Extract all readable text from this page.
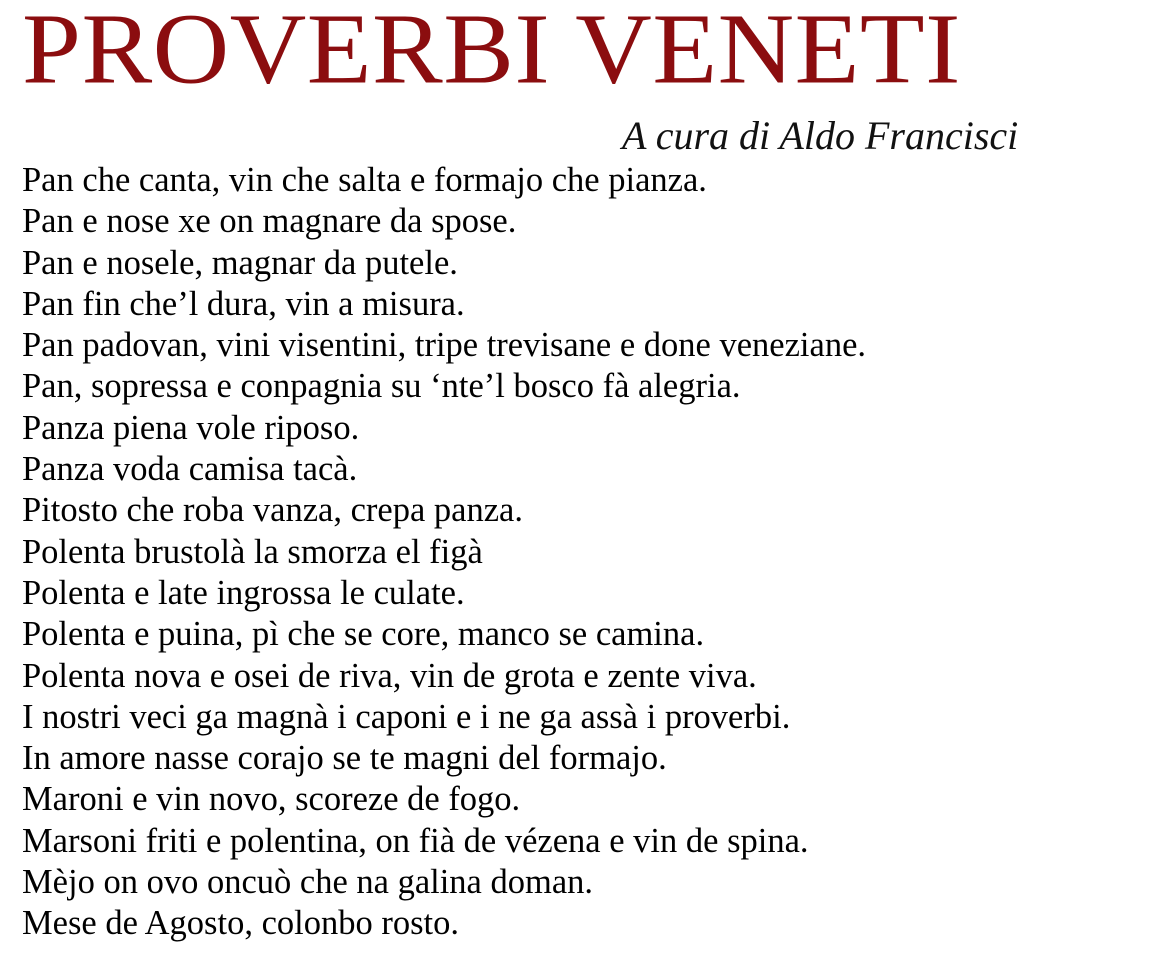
PROVERBI VENETI

A cura di Aldo Francisci

Pan che canta, vin che salta e formajo che pianza.
Pan e nose xe on magnare da spose.
Pan e nosele, magnar da putele.
Pan fin che’l dura, vin a misura.
Pan padovan, vini visentini, tripe trevisane e done veneziane.
Pan, sopressa e conpagnia su ‘nte’l bosco fà alegria.
Panza piena vole riposo.
Panza voda camisa tacà.
Pitosto che roba vanza, crepa panza.
Polenta brustolà la smorza el figà
Polenta e late ingrossa le culate.
Polenta e puina, pì che se core, manco se camina.
Polenta nova e osei de riva, vin de grota e zente viva.
I nostri veci ga magnà i caponi e i ne ga assà i proverbi.
In amore nasse corajo se te magni del formajo.
Maroni e vin novo, scoreze de fogo.
Marsoni friti e polentina, on fià de vézena e vin de spina.
Mèjo on ovo oncuò che na galina doman.
Mese de Agosto, colonbo rosto.
